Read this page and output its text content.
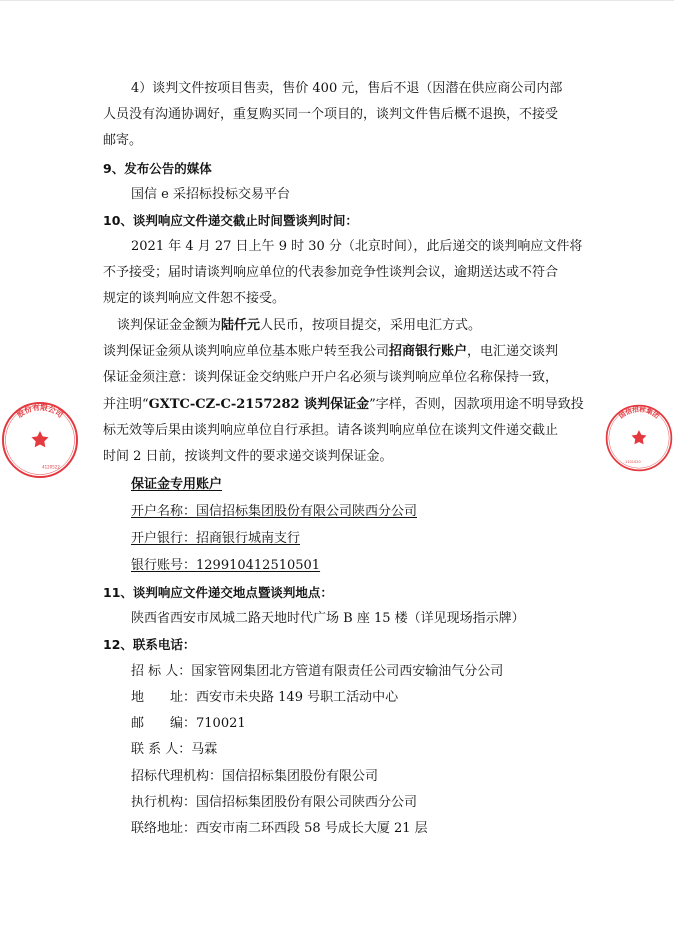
4）谈判文件按项目售卖，售价 400 元，售后不退（因潜在供应商公司内部
人员没有沟通协调好，重复购买同一个项目的，谈判文件售后概不退换，不接受
邮寄。
9、发布公告的媒体
国信 e 采招标投标交易平台
10、谈判响应文件递交截止时间暨谈判时间：
2021 年 4 月 27 日上午 9 时 30 分（北京时间），此后递交的谈判响应文件将
不予接受；届时请谈判响应单位的代表参加竞争性谈判会议，逾期送达或不符合
规定的谈判响应文件恕不接受。
谈判保证金金额为陆仟元人民币，按项目提交，采用电汇方式。
谈判保证金须从谈判响应单位基本账户转至我公司招商银行账户，电汇递交谈判
保证金须注意：谈判保证金交纳账户开户名必须与谈判响应单位名称保持一致，
并注明“GXTC-CZ-C-2157282 谈判保证金”字样，否则，因款项用途不明导致投
标无效等后果由谈判响应单位自行承担。请各谈判响应单位在谈判文件递交截止
时间 2 日前，按谈判文件的要求递交谈判保证金。
保证金专用账户
开户名称：国信招标集团股份有限公司陕西分公司
开户银行：招商银行城南支行
银行账号：129910412510501
11、谈判响应文件递交地点暨谈判地点：
陕西省西安市凤城二路天地时代广场 B 座 15 楼（详见现场指示牌）
12、联系电话：
招 标 人：国家管网集团北方管道有限责任公司西安输油气分公司
地　　址：西安市未央路 149 号职工活动中心
邮　　编：710021
联 系 人：马霖
招标代理机构：国信招标集团股份有限公司
执行机构：国信招标集团股份有限公司陕西分公司
联络地址：西安市南二环西段 58 号成长大厦 21 层
股份有限公司
4120522
国信招标集团
1101020
